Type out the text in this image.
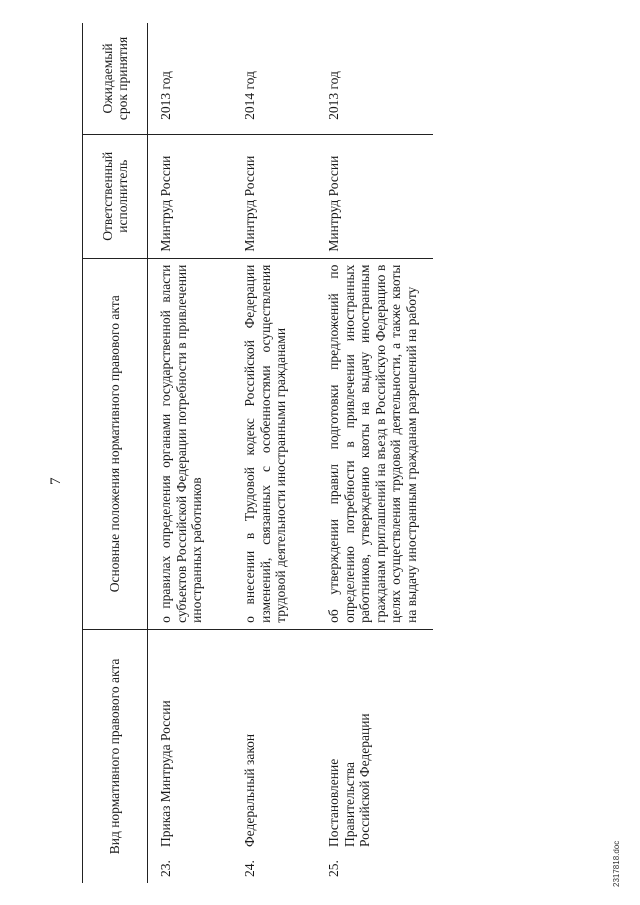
7
Вид нормативного правового акта	Основные положения нормативного правового акта	Ответственный исполнитель	Ожидаемый срок принятия
23.Приказ Минтруда России	о правилах определения органами государственной власти субъектов Российской Федерации потребности в привлечении иностранных работников	Минтруд России	2013 год
24.Федеральный закон	о внесении в Трудовой кодекс Российской Федерации изменений, связанных с особенностями осуществления трудовой деятельности иностранными гражданами	Минтруд России	2014 год
25.Постановление Правительства Российской Федерации	об утверждении правил подготовки предложений по определению потребности в привлечении иностранных работников, утверждению квоты на выдачу иностранным гражданам приглашений на въезд в Российскую Федерацию в целях осуществления трудовой деятельности, а также квоты на выдачу иностранным гражданам разрешений на работу	Минтруд России	2013 год
2317818.doc
